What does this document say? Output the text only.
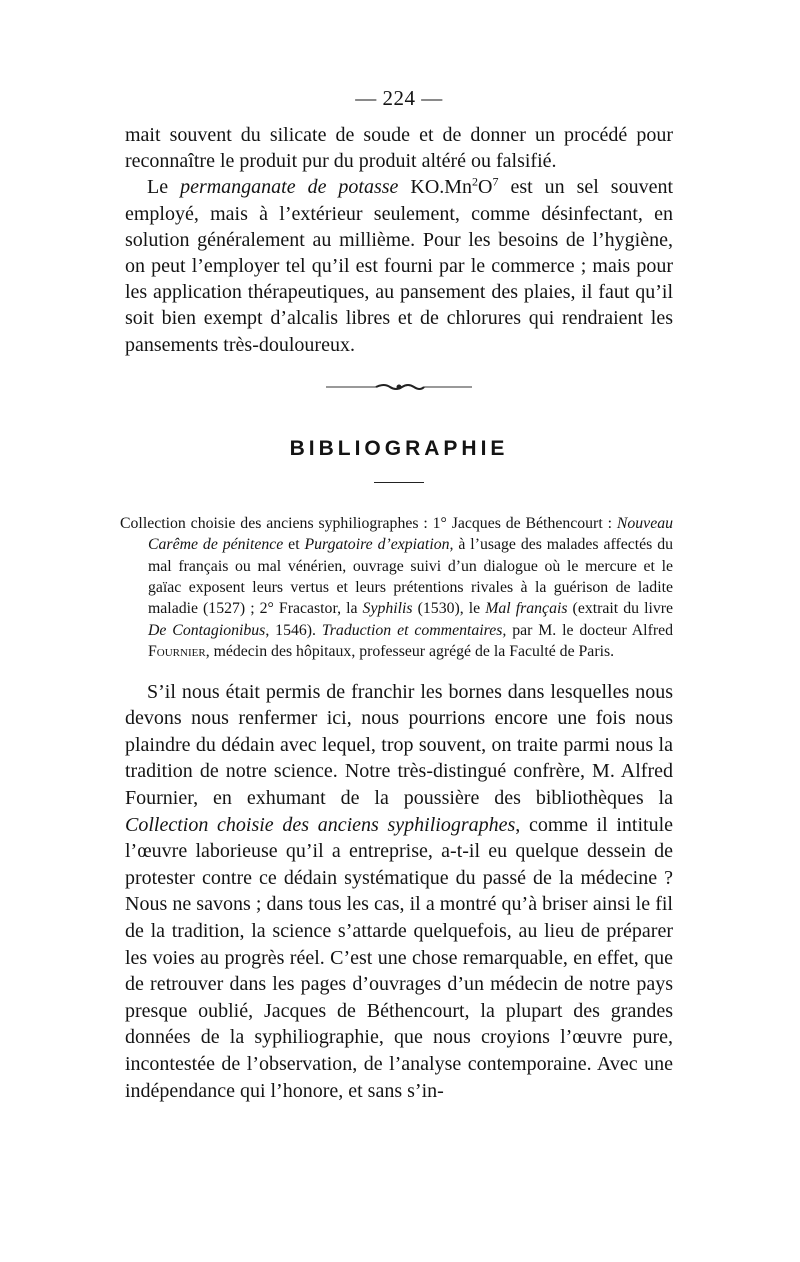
— 224 —

mait souvent du silicate de soude et de donner un procédé pour reconnaître le produit pur du produit altéré ou falsifié.

Le permanganate de potasse $KO.Mn^2O^7$ est un sel souvent employé, mais à l’extérieur seulement, comme désinfectant, en solution généralement au millième. Pour les besoins de l’hygiène, on peut l’employer tel qu’il est fourni par le commerce ; mais pour les application thérapeutiques, au pansement des plaies, il faut qu’il soit bien exempt d’alcalis libres et de chlorures qui rendraient les pansements très-douloureux.

BIBLIOGRAPHIE

Collection choisie des anciens syphiliographes : 1° Jacques de Béthencourt : Nouveau Carême de pénitence et Purgatoire d’expiation, à l’usage des malades affectés du mal français ou mal vénérien, ouvrage suivi d’un dialogue où le mercure et le gaïac exposent leurs vertus et leurs prétentions rivales à la guérison de ladite maladie (1527) ; 2° Fracastor, la Syphilis (1530), le Mal français (extrait du livre De Contagionibus, 1546). Traduction et commentaires, par M. le docteur Alfred Fournier, médecin des hôpitaux, professeur agrégé de la Faculté de Paris.

S’il nous était permis de franchir les bornes dans lesquelles nous devons nous renfermer ici, nous pourrions encore une fois nous plaindre du dédain avec lequel, trop souvent, on traite parmi nous la tradition de notre science. Notre très-distingué confrère, M. Alfred Fournier, en exhumant de la poussière des bibliothèques la Collection choisie des anciens syphiliographes, comme il intitule l’œuvre laborieuse qu’il a entreprise, a-t-il eu quelque dessein de protester contre ce dédain systématique du passé de la médecine ? Nous ne savons ; dans tous les cas, il a montré qu’à briser ainsi le fil de la tradition, la science s’attarde quelquefois, au lieu de préparer les voies au progrès réel. C’est une chose remarquable, en effet, que de retrouver dans les pages d’ouvrages d’un médecin de notre pays presque oublié, Jacques de Béthencourt, la plupart des grandes données de la syphiliographie, que nous croyions l’œuvre pure, incontestée de l’observation, de l’analyse contemporaine. Avec une indépendance qui l’honore, et sans s’in-
